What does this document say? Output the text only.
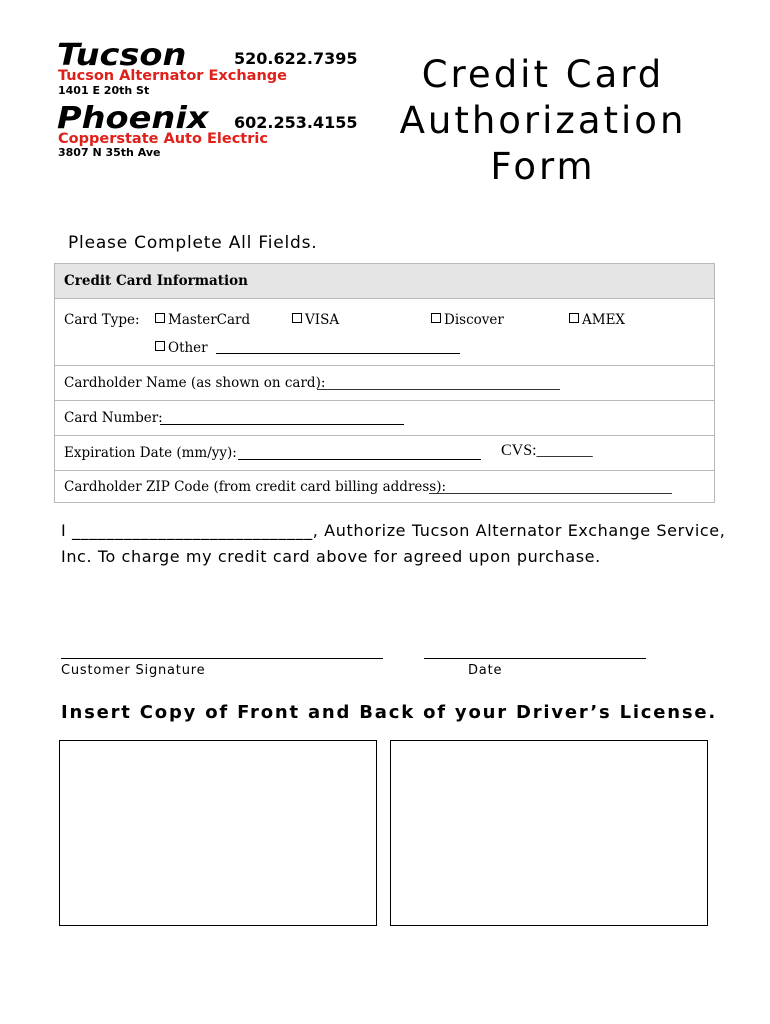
Tucson	520.622.7395
Tucson Alternator Exchange
1401 E 20th St
Phoenix 602.253.4155
Copperstate Auto Electric
3807 N 35th Ave
Credit Card
Authorization
Form
Please Complete All Fields.
Credit Card Information
Card Type:	MasterCard	VISA	Discover	AMEX
Other
Cardholder Name (as shown on card):
Card Number:
Expiration Date (mm/yy):	CVS:_______
Cardholder ZIP Code (from credit card billing address):
I ____________________________, Authorize Tucson Alternator Exchange Service, Inc. To charge my credit card above for agreed upon purchase.
Customer Signature	Date
Insert Copy of Front and Back of your Driver’s License.
